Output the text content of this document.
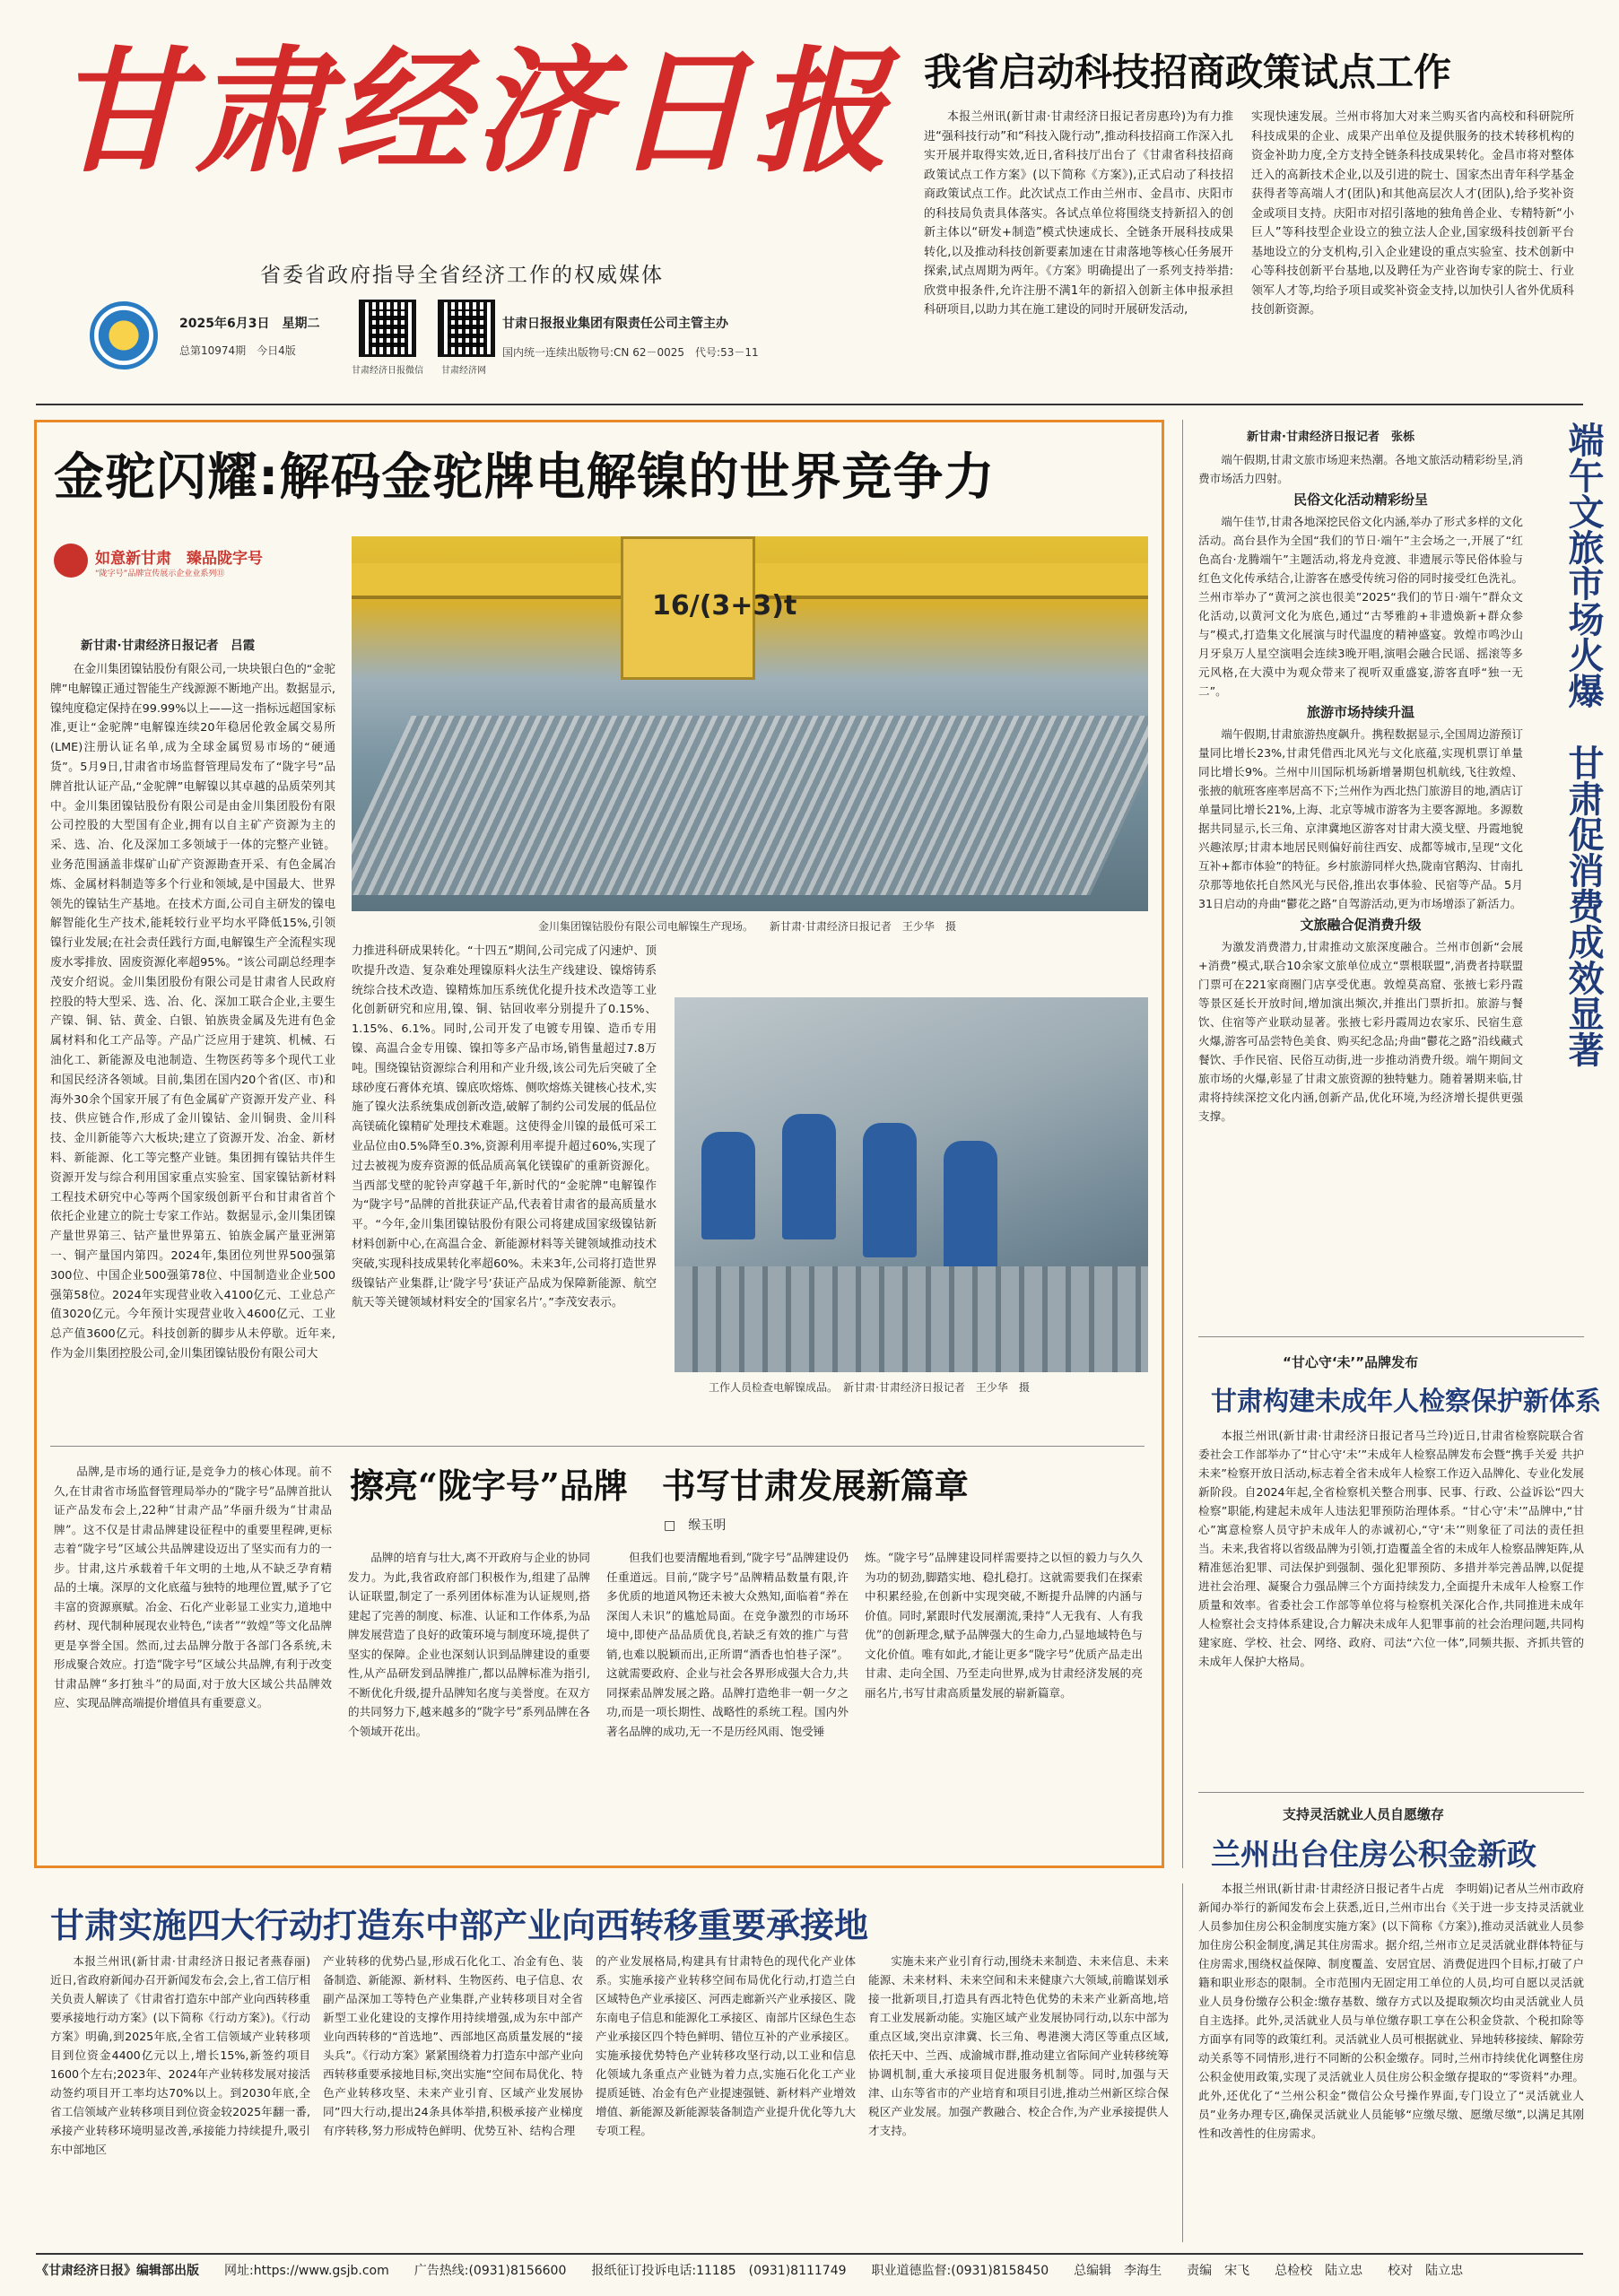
甘肃经济日报
省委省政府指导全省经济工作的权威媒体
2025年6月3日　星期二
总第10974期　今日4版
甘肃经济日报微信 甘肃经济网
甘肃日报报业集团有限责任公司主管主办
国内统一连续出版物号:CN 62－0025　代号:53－11
我省启动科技招商政策试点工作

本报兰州讯(新甘肃·甘肃经济日报记者房惠玲)为有力推进“强科技行动”和“科技入陇行动”,推动科技招商工作深入扎实开展并取得实效,近日,省科技厅出台了《甘肃省科技招商政策试点工作方案》(以下简称《方案》),正式启动了科技招商政策试点工作。此次试点工作由兰州市、金昌市、庆阳市的科技局负责具体落实。各试点单位将围绕支持新招入的创新主体以“研发+制造”模式快速成长、全链条开展科技成果转化,以及推动科技创新要素加速在甘肃落地等核心任务展开探索,试点周期为两年。《方案》明确提出了一系列支持举措:欣赏申报条件,允许注册不满1年的新招入创新主体申报承担科研项目,以助力其在施工建设的同时开展研发活动,

实现快速发展。兰州市将加大对来兰购买省内高校和科研院所科技成果的企业、成果产出单位及提供服务的技术转移机构的资金补助力度,全方支持全链条科技成果转化。金昌市将对整体迁入的高新技术企业,以及引进的院士、国家杰出青年科学基金获得者等高端人才(团队)和其他高层次人才(团队),给予奖补资金或项目支持。庆阳市对招引落地的独角兽企业、专精特新“小巨人”等科技型企业设立的独立法人企业,国家级科技创新平台基地设立的分支机构,引入企业建设的重点实验室、技术创新中心等科技创新平台基地,以及聘任为产业咨询专家的院士、行业领军人才等,均给予项目或奖补资金支持,以加快引人省外优质科技创新资源。

金驼闪耀:解码金驼牌电解镍的世界竞争力
如意新甘肃　臻品陇字号
“陇字号”品牌宣传展示企业业系列⑪
新甘肃·甘肃经济日报记者　吕霞
16/(3+3)t
金川集团镍钴股份有限公司电解镍生产现场。　　新甘肃·甘肃经济日报记者　王少华　摄

在金川集团镍钴股份有限公司,一块块银白色的“金驼牌”电解镍正通过智能生产线源源不断地产出。数据显示,镍纯度稳定保持在99.99%以上——这一指标远超国家标准,更让“金驼牌”电解镍连续20年稳居伦敦金属交易所(LME)注册认证名单,成为全球金属贸易市场的“硬通货”。5月9日,甘肃省市场监督管理局发布了“陇字号”品牌首批认证产品,“金驼牌”电解镍以其卓越的品质荣列其中。金川集团镍钴股份有限公司是由金川集团股份有限公司控股的大型国有企业,拥有以自主矿产资源为主的采、选、冶、化及深加工多领域于一体的完整产业链。业务范围涵盖非煤矿山矿产资源勘查开采、有色金属冶炼、金属材料制造等多个行业和领域,是中国最大、世界领先的镍钴生产基地。在技术方面,公司自主研发的镍电解智能化生产技术,能耗较行业平均水平降低15%,引领镍行业发展;在社会责任践行方面,电解镍生产全流程实现废水零排放、固废资源化率超95%。“该公司副总经理李茂安介绍说。金川集团股份有限公司是甘肃省人民政府控股的特大型采、选、冶、化、深加工联合企业,主要生产镍、铜、钴、黄金、白银、铂族贵金属及先进有色金属材料和化工产品等。产品广泛应用于建筑、机械、石油化工、新能源及电池制造、生物医药等多个现代工业和国民经济各领域。目前,集团在国内20个省(区、市)和海外30余个国家开展了有色金属矿产资源开发产业、科技、供应链合作,形成了金川镍钴、金川铜贵、金川科技、金川新能等六大板块;建立了资源开发、冶金、新材料、新能源、化工等完整产业链。集团拥有镍钴共伴生资源开发与综合利用国家重点实验室、国家镍钴新材料工程技术研究中心等两个国家级创新平台和甘肃省首个依托企业建立的院士专家工作站。数据显示,金川集团镍产量世界第三、钴产量世界第五、铂族金属产量亚洲第一、铜产量国内第四。2024年,集团位列世界500强第300位、中国企业500强第78位、中国制造业企业500强第58位。2024年实现营业收入4100亿元、工业总产值3020亿元。今年预计实现营业收入4600亿元、工业总产值3600亿元。科技创新的脚步从未停歇。近年来,作为金川集团控股公司,金川集团镍钴股份有限公司大

力推进科研成果转化。“十四五”期间,公司完成了闪速炉、顶吹提升改造、复杂难处理镍原料火法生产线建设、镍熔铸系统综合技术改造、镍精炼加压系统优化提升技术改造等工业化创新研究和应用,镍、铜、钴回收率分别提升了0.15%、1.15%、6.1%。同时,公司开发了电镀专用镍、造币专用镍、高温合金专用镍、镍扣等多产品市场,销售量超过7.8万吨。围绕镍钴资源综合利用和产业升级,该公司先后突破了全球砂度石膏体充填、镍底吹熔炼、侧吹熔炼关键核心技术,实施了镍火法系统集成创新改造,破解了制约公司发展的低品位高镁硫化镍精矿处理技术难题。这使得金川镍的最低可采工业品位由0.5%降至0.3%,资源利用率提升超过60%,实现了过去被视为废弃资源的低品质高氧化镁镍矿的重新资源化。当西部戈壁的驼铃声穿越千年,新时代的“金驼牌”电解镍作为“陇字号”品牌的首批获证产品,代表着甘肃省的最高质量水平。“今年,金川集团镍钴股份有限公司将建成国家级镍钴新材料创新中心,在高温合金、新能源材料等关键领域推动技术突破,实现科技成果转化率超60%。未来3年,公司将打造世界级镍钴产业集群,让‘陇字号’获证产品成为保障新能源、航空航天等关键领域材料安全的‘国家名片’。”李茂安表示。

工作人员检查电解镍成品。　新甘肃·甘肃经济日报记者　王少华　摄
擦亮“陇字号”品牌　书写甘肃发展新篇章
□　缑玉明

品牌,是市场的通行证,是竞争力的核心体现。前不久,在甘肃省市场监督管理局举办的“陇字号”品牌首批认证产品发布会上,22种“甘肃产品”华丽升级为“甘肃品牌”。这不仅是甘肃品牌建设征程中的重要里程碑,更标志着“陇字号”区域公共品牌建设迈出了坚实而有力的一步。甘肃,这片承载着千年文明的土地,从不缺乏孕育精品的土壤。深厚的文化底蕴与独特的地理位置,赋予了它丰富的资源禀赋。冶金、石化产业彰显工业实力,道地中药材、现代制种展现农业特色,“读者”“敦煌”等文化品牌更是享誉全国。然而,过去品牌分散于各部门各系统,未形成聚合效应。打造“陇字号”区域公共品牌,有利于改变甘肃品牌“多打独斗”的局面,对于放大区域公共品牌效应、实现品牌高端提价增值具有重要意义。

品牌的培育与壮大,离不开政府与企业的协同发力。为此,我省政府部门积极作为,组建了品牌认证联盟,制定了一系列团体标准为认证规则,搭建起了完善的制度、标准、认证和工作体系,为品牌发展营造了良好的政策环境与制度环境,提供了坚实的保障。企业也深刻认识到品牌建设的重要性,从产品研发到品牌推广,都以品牌标准为指引,不断优化升级,提升品牌知名度与美誉度。在双方的共同努力下,越来越多的“陇字号”系列品牌在各个领域开花出。

但我们也要清醒地看到,“陇字号”品牌建设仍任重道远。目前,“陇字号”品牌精品数量有限,许多优质的地道风物还未被大众熟知,面临着“养在深闺人未识”的尴尬局面。在竞争激烈的市场环境中,即使产品品质优良,若缺乏有效的推广与营销,也难以脱颖而出,正所谓“酒香也怕巷子深”。这就需要政府、企业与社会各界形成强大合力,共同探索品牌发展之路。品牌打造绝非一朝一夕之功,而是一项长期性、战略性的系统工程。国内外著名品牌的成功,无一不是历经风雨、饱受锤

炼。“陇字号”品牌建设同样需要持之以恒的毅力与久久为功的韧劲,脚踏实地、稳扎稳打。这就需要我们在探索中积累经验,在创新中实现突破,不断提升品牌的内涵与价值。同时,紧跟时代发展潮流,秉持“人无我有、人有我优”的创新理念,赋予品牌强大的生命力,凸显地域特色与文化价值。唯有如此,才能让更多“陇字号”优质产品走出甘肃、走向全国、乃至走向世界,成为甘肃经济发展的亮丽名片,书写甘肃高质量发展的崭新篇章。

端午文旅市场火爆　甘肃促消费成效显著
新甘肃·甘肃经济日报记者　张栎

端午假期,甘肃文旅市场迎来热潮。各地文旅活动精彩纷呈,消费市场活力四射。

民俗文化活动精彩纷呈

端午佳节,甘肃各地深挖民俗文化内涵,举办了形式多样的文化活动。高台县作为全国“我们的节日·端午”主会场之一,开展了“红色高台·龙腾端午”主题活动,将龙舟竞渡、非遗展示等民俗体验与红色文化传承结合,让游客在感受传统习俗的同时接受红色洗礼。兰州市举办了“黄河之滨也很美”2025“我们的节日·端午”群众文化活动,以黄河文化为底色,通过“古琴雅韵+非遗焕新+群众参与”模式,打造集文化展演与时代温度的精神盛宴。敦煌市鸣沙山月牙泉万人星空演唱会连续3晚开唱,演唱会融合民谣、摇滚等多元风格,在大漠中为观众带来了视听双重盛宴,游客直呼“独一无二”。

旅游市场持续升温

端午假期,甘肃旅游热度飙升。携程数据显示,全国周边游预订量同比增长23%,甘肃凭借西北风光与文化底蕴,实现机票订单量同比增长9%。兰州中川国际机场新增暑期包机航线,飞往敦煌、张掖的航班客座率居高不下;兰州作为西北热门旅游目的地,酒店订单量同比增长21%,上海、北京等城市游客为主要客源地。多源数据共同显示,长三角、京津冀地区游客对甘肃大漠戈壁、丹霞地貌兴趣浓厚;甘肃本地居民则偏好前往西安、成都等城市,呈现“文化互补+都市体验”的特征。乡村旅游同样火热,陇南官鹅沟、甘南扎尕那等地依托自然风光与民俗,推出农事体验、民宿等产品。5月31日启动的舟曲“鬱花之路”自驾游活动,更为市场增添了新活力。

文旅融合促消费升级

为激发消费潜力,甘肃推动文旅深度融合。兰州市创新“会展+消费”模式,联合10余家文旅单位成立“票根联盟”,消费者持联盟门票可在221家商圈门店享受优惠。敦煌莫高窟、张掖七彩丹霞等景区延长开放时间,增加演出频次,并推出门票折扣。旅游与餐饮、住宿等产业联动显著。张掖七彩丹霞周边农家乐、民宿生意火爆,游客可品尝特色美食、购买纪念品;舟曲“鬱花之路”沿线藏式餐饮、手作民宿、民俗互动街,进一步推动消费升级。端午期间文旅市场的火爆,彰显了甘肃文旅资源的独特魅力。随着暑期来临,甘肃将持续深挖文化内涵,创新产品,优化环境,为经济增长提供更强支撑。

“甘心守‘未’”品牌发布
甘肃构建未成年人检察保护新体系

本报兰州讯(新甘肃·甘肃经济日报记者马兰玲)近日,甘肃省检察院联合省委社会工作部举办了“甘心守‘未’”未成年人检察品牌发布会暨“携手关爱 共护未来”检察开放日活动,标志着全省未成年人检察工作迈入品牌化、专业化发展新阶段。自2024年起,全省检察机关整合刑事、民事、行政、公益诉讼“四大检察”职能,构建起未成年人违法犯罪预防治理体系。“甘心守‘未’”品牌中,“甘心”寓意检察人员守护未成年人的赤诚初心,“守‘未’”则象征了司法的责任担当。未来,我省将以省级品牌为引领,打造覆盖全省的未成年人检察品牌矩阵,从精准惩治犯罪、司法保护到强制、强化犯罪预防、多措并举完善品牌,以促提进社会治理、凝聚合力强品牌三个方面持续发力,全面提升未成年人检察工作质量和效率。省委社会工作部等单位将与检察机关深化合作,共同推进未成年人检察社会支持体系建设,合力解决未成年人犯罪事前的社会治理问题,共同构建家庭、学校、社会、网络、政府、司法“六位一体”,同频共振、齐抓共管的未成年人保护大格局。

支持灵活就业人员自愿缴存
兰州出台住房公积金新政

本报兰州讯(新甘肃·甘肃经济日报记者牛占虎　李明娟)记者从兰州市政府新闻办举行的新闻发布会上获悉,近日,兰州市出台《关于进一步支持灵活就业人员参加住房公积金制度实施方案》(以下简称《方案》),推动灵活就业人员参加住房公积金制度,满足其住房需求。据介绍,兰州市立足灵活就业群体特征与住房需求,围绕权益保障、制度覆盖、安居宜居、消费促进四个目标,打破了户籍和职业形态的限制。全市范围内无固定用工单位的人员,均可自愿以灵活就业人员身份缴存公积金:缴存基数、缴存方式以及提取频次均由灵活就业人员自主选择。此外,灵活就业人员与单位缴存职工享在公积金贷款、个税扣除等方面享有同等的政策红利。灵活就业人员可根据就业、异地转移接续、解除劳动关系等不同情形,进行不同断的公积金缴存。同时,兰州市持续优化调整住房公积金使用政策,实现了灵活就业人员住房公积金缴存提取的“零资料”办理。此外,还优化了“兰州公积金”微信公众号操作界面,专门设立了“灵活就业人员”业务办理专区,确保灵活就业人员能够“应缴尽缴、愿缴尽缴”,以满足其刚性和改善性的住房需求。

甘肃实施四大行动打造东中部产业向西转移重要承接地

本报兰州讯(新甘肃·甘肃经济日报记者燕春丽)近日,省政府新闻办召开新闻发布会,会上,省工信厅相关负责人解读了《甘肃省打造东中部产业向西转移重要承接地行动方案》(以下简称《行动方案》)。《行动方案》明确,到2025年底,全省工信领域产业转移项目到位资金4400亿元以上,增长15%,新签约项目1600个左右;2023年、2024年产业转移发展对接活动签约项目开工率均达70%以上。到2030年底,全省工信领域产业转移项目到位资金较2025年翻一番,承接产业转移环境明显改善,承接能力持续提升,吸引东中部地区

产业转移的优势凸显,形成石化化工、冶金有色、装备制造、新能源、新材料、生物医药、电子信息、农副产品深加工等特色产业集群,产业转移项目对全省新型工业化建设的支撑作用持续增强,成为东中部产业向西转移的“首选地”、西部地区高质量发展的“接头兵”。《行动方案》紧紧围绕着力打造东中部产业向西转移重要承接地目标,突出实施“空间布局优化、特色产业转移攻坚、未来产业引育、区域产业发展协同”四大行动,提出24条具体举措,积极承接产业梯度有序转移,努力形成特色鲜明、优势互补、结构合理

的产业发展格局,构建具有甘肃特色的现代化产业体系。实施承接产业转移空间布局优化行动,打造兰白区域特色产业承接区、河西走廊新兴产业承接区、陇东南电子信息和能源化工承接区、南部片区绿色生态产业承接区四个特色鲜明、错位互补的产业承接区。实施承接优势特色产业转移攻坚行动,以工业和信息化领域九条重点产业链为着力点,实施石化化工产业提质延链、冶金有色产业提速强链、新材料产业增效增值、新能源及新能源装备制造产业提升优化等九大专项工程。

实施未来产业引育行动,围绕未来制造、未来信息、未来能源、未来材料、未来空间和未来健康六大领域,前瞻谋划承接一批新项目,打造具有西北特色优势的未来产业新高地,培育工业发展新动能。实施区域产业发展协同行动,以东中部为重点区域,突出京津冀、长三角、粤港澳大湾区等重点区域,依托天中、兰西、成渝城市群,推动建立省际间产业转移统筹协调机制,重大承接项目促进服务机制等。同时,加强与天津、山东等省市的产业培育和项目引进,推动兰州新区综合保税区产业发展。加强产教融合、校企合作,为产业承接提供人才支持。

《甘肃经济日报》编辑部出版 网址:https://www.gsjb.com 广告热线:(0931)8156600 报纸征订投诉电话:11185　(0931)8111749 职业道德监督:(0931)8158450 总编辑　李海生 责编　宋飞 总检校　陆立忠 校对　陆立忠
